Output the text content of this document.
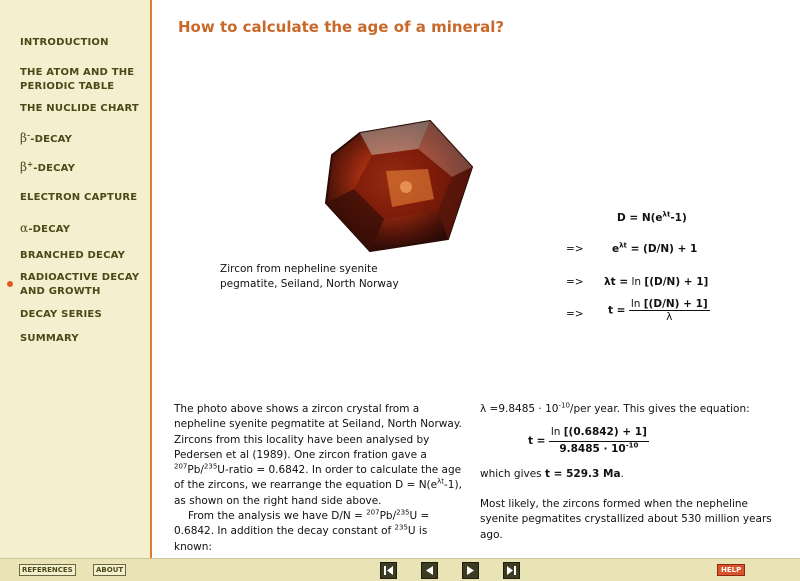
INTRODUCTION
THE ATOM AND THE PERIODIC TABLE
THE NUCLIDE CHART
β--DECAY
β+-DECAY
ELECTRON CAPTURE
α-DECAY
BRANCHED DECAY
RADIOACTIVE DECAY AND GROWTH
DECAY SERIES
SUMMARY
How to calculate the age of a mineral?
Zircon from nepheline syenite
pegmatite, Seiland, North Norway
$D = N(e^{\lambda t}-1)$
=>	$e^{\lambda t} = (D/N) + 1$
=> λt = ln [(D/N) + 1]
=> $t = \frac{\ln [(D/N) + 1]}{\lambda}$

The photo above shows a zircon crystal from a nepheline syenite pegmatite at Seiland, North Norway. Zircons from this locality have been analysed by Pedersen et al (1989). One zircon fration gave a $^{207}$Pb/$^{235}$U-ratio = 0.6842. In order to calculate the age of the zircons, we rearrange the equation $D = N(e^{\lambda t}-1)$, as shown on the right hand side above.

From the analysis we have D/N = $^{207}$Pb/$^{235}$U = 0.6842. In addition the decay constant of $^{235}$U is known:

$\lambda =9.8485 \cdot 10^{-10}$/per year. This gives the equation:
$t = \frac{\ln [(0.6842) + 1]}{9.8485 \cdot 10^{-10}}$
which gives t = 529.3 Ma.
Most likely, the zircons formed when the nepheline syenite pegmatites crystallized about 530 million years ago.
REFERENCES	ABOUT	HELP
